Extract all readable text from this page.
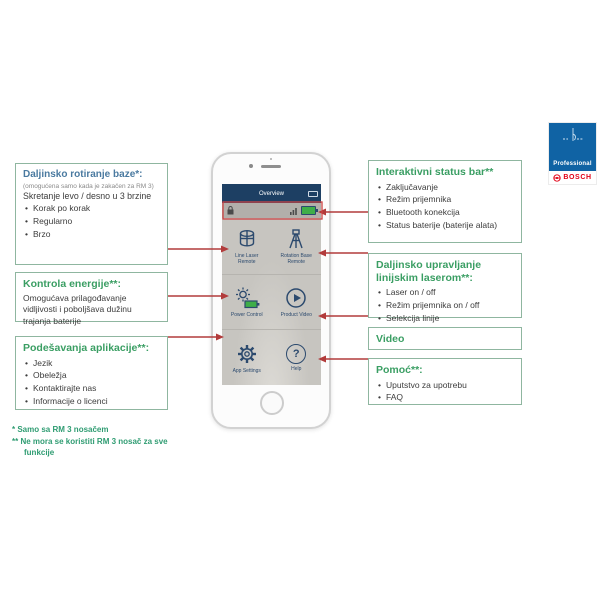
Daljinsko rotiranje baze*:
(omogućena samo kada je zakačen za RM 3)
Skretanje levo / desno u 3 brzine
• Korak po korak
• Regularno
• Brzo
Kontrola energije**:

Omogućava prilagođavanje vidljivosti i poboljšava dužinu trajanja baterije

Podešavanja aplikacije**:
• Jezik
• Obeležja
• Kontaktirajte nas
• Informacije o licenci

* Samo sa RM 3 nosačem

** Ne mora se koristiti RM 3 nosač za sve funkcije

Interaktivni status bar**
• Zaključavanje
• Režim prijemnika
• Bluetooth konekcija
• Status baterije (baterije alata)
Daljinsko upravljanje linijskim laserom**:
• Laser on / off
• Režim prijemnika on / off
• Selekcija linije
Video
Pomoć**:
• Uputstvo za upotrebu
• FAQ
Overview
Line Laser Remote
Rotation Base Remote
Power Control	Product Video
App Settings
?
Help
Professional
BOSCH
